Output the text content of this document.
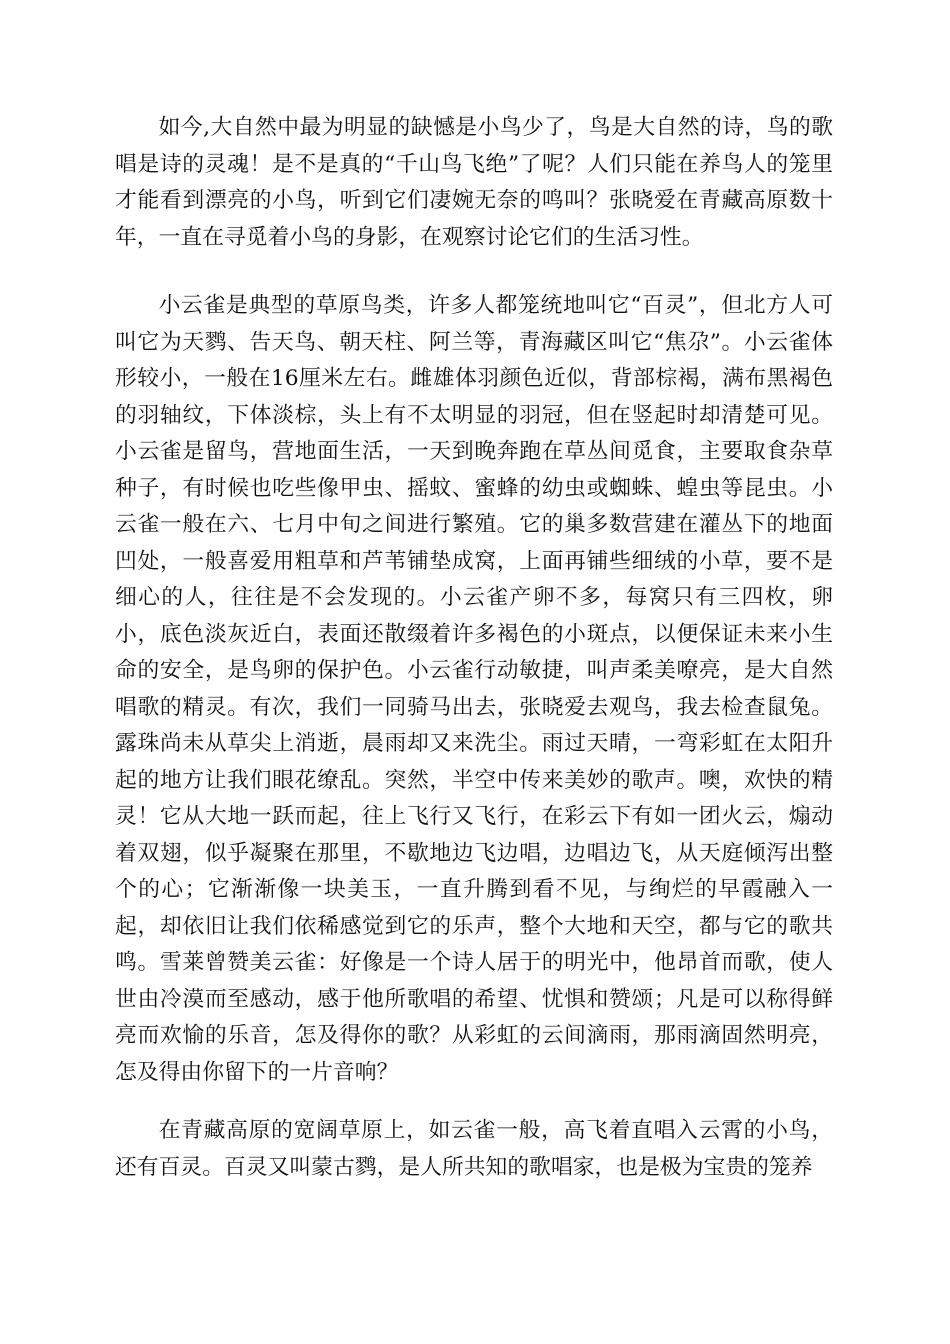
如今,大自然中最为明显的缺憾是小鸟少了，鸟是大自然的诗，鸟的歌唱是诗的灵魂！是不是真的“千山鸟飞绝”了呢？人们只能在养鸟人的笼里才能看到漂亮的小鸟，听到它们凄婉无奈的鸣叫？张晓爱在青藏高原数十年，一直在寻觅着小鸟的身影，在观察讨论它们的生活习性。

小云雀是典型的草原鸟类，许多人都笼统地叫它“百灵”，但北方人可叫它为天鹨、告天鸟、朝天柱、阿兰等，青海藏区叫它“焦尕”。小云雀体形较小，一般在16厘米左右。雌雄体羽颜色近似，背部棕褐，满布黑褐色的羽轴纹，下体淡棕，头上有不太明显的羽冠，但在竖起时却清楚可见。小云雀是留鸟，营地面生活，一天到晚奔跑在草丛间觅食，主要取食杂草种子，有时候也吃些像甲虫、摇蚊、蜜蜂的幼虫或蜘蛛、蝗虫等昆虫。小云雀一般在六、七月中旬之间进行繁殖。它的巢多数营建在灌丛下的地面凹处，一般喜爱用粗草和芦苇铺垫成窝，上面再铺些细绒的小草，要不是细心的人，往往是不会发现的。小云雀产卵不多，每窝只有三四枚，卵小，底色淡灰近白，表面还散缀着许多褐色的小斑点，以便保证未来小生命的安全，是鸟卵的保护色。小云雀行动敏捷，叫声柔美嘹亮，是大自然唱歌的精灵。有次，我们一同骑马出去，张晓爱去观鸟，我去检查鼠兔。露珠尚未从草尖上消逝，晨雨却又来洗尘。雨过天晴，一弯彩虹在太阳升起的地方让我们眼花缭乱。突然，半空中传来美妙的歌声。噢，欢快的精灵！它从大地一跃而起，往上飞行又飞行，在彩云下有如一团火云，煽动着双翅，似乎凝聚在那里，不歇地边飞边唱，边唱边飞，从天庭倾泻出整个的心；它渐渐像一块美玉，一直升腾到看不见，与绚烂的早霞融入一起，却依旧让我们依稀感觉到它的乐声，整个大地和天空，都与它的歌共鸣。雪莱曾赞美云雀：好像是一个诗人居于的明光中，他昂首而歌，使人世由冷漠而至感动，感于他所歌唱的希望、忧惧和赞颂；凡是可以称得鲜亮而欢愉的乐音，怎及得你的歌？从彩虹的云间滴雨，那雨滴固然明亮，怎及得由你留下的一片音响？

在青藏高原的宽阔草原上，如云雀一般，高飞着直唱入云霄的小鸟，还有百灵。百灵又叫蒙古鹨，是人所共知的歌唱家，也是极为宝贵的笼养
